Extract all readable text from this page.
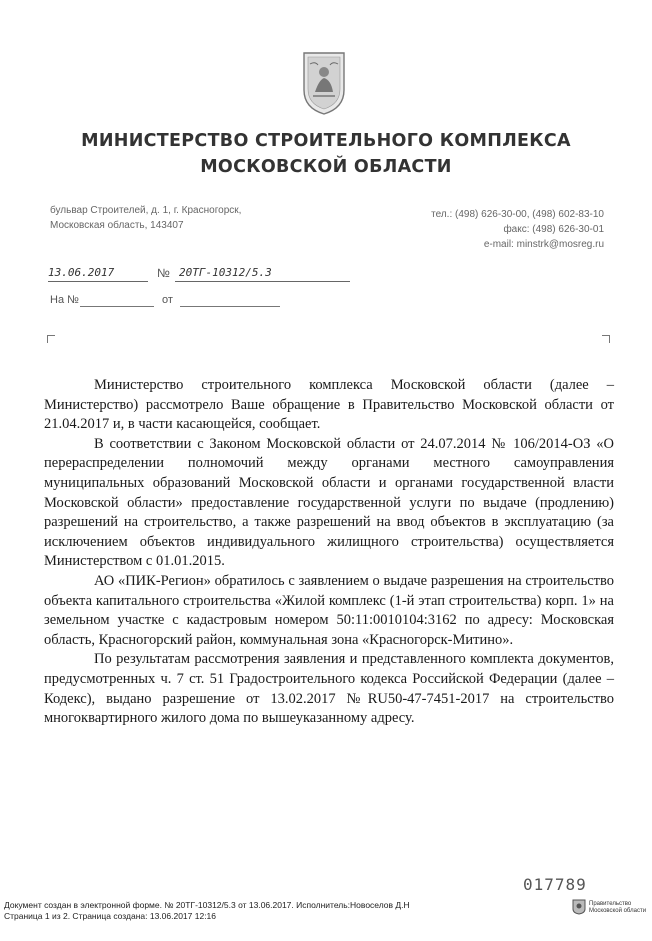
МИНИСТЕРСТВО СТРОИТЕЛЬНОГО КОМПЛЕКСА
МОСКОВСКОЙ ОБЛАСТИ
бульвар Строителей, д. 1, г. Красногорск,
Московская область, 143407
тел.: (498) 626-30-00, (498) 602-83-10
факс: (498) 626-30-01
e-mail: minstrk@mosreg.ru
13.06.2017	№ 20ТГ-10312/5.3
На №	от

Министерство строительного комплекса Московской области (далее – Министерство) рассмотрело Ваше обращение в Правительство Московской области от 21.04.2017 и, в части касающейся, сообщает.

В соответствии с Законом Московской области от 24.07.2014 № 106/2014-ОЗ «О перераспределении полномочий между органами местного самоуправления муниципальных образований Московской области и органами государственной власти Московской области» предоставление государственной услуги по выдаче (продлению) разрешений на строительство, а также разрешений на ввод объектов в эксплуатацию (за исключением объектов индивидуального жилищного строительства) осуществляется Министерством с 01.01.2015.

АО «ПИК-Регион» обратилось с заявлением о выдаче разрешения на строительство объекта капитального строительства «Жилой комплекс (1-й этап строительства) корп. 1» на земельном участке с кадастровым номером 50:11:0010104:3162 по адресу: Московская область, Красногорский район, коммунальная зона «Красногорск-Митино».

По результатам рассмотрения заявления и представленного комплекта документов, предусмотренных ч. 7 ст. 51 Градостроительного кодекса Российской Федерации (далее – Кодекс), выдано разрешение от 13.02.2017 №RU50-47-7451-2017 на строительство многоквартирного жилого дома по вышеуказанному адресу.

017789
Документ создан в электронной форме. № 20ТГ-10312/5.3 от 13.06.2017. Исполнитель:Новоселов Д.Н
Страница 1 из 2. Страница создана: 13.06.2017 12:16
Правительство
Московской области
